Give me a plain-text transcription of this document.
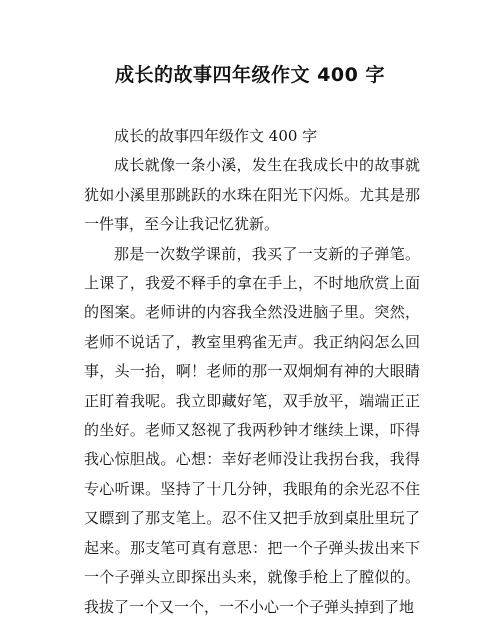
成长的故事四年级作文 400 字

成长的故事四年级作文 400 字

成长就像一条小溪，发生在我成长中的故事就犹如小溪里那跳跃的水珠在阳光下闪烁。尤其是那一件事，至今让我记忆犹新。

那是一次数学课前，我买了一支新的子弹笔。上课了，我爱不释手的拿在手上，不时地欣赏上面的图案。老师讲的内容我全然没进脑子里。突然，老师不说话了，教室里鸦雀无声。我正纳闷怎么回事，头一抬，啊！老师的那一双炯炯有神的大眼睛正盯着我呢。我立即藏好笔，双手放平，端端正正的坐好。老师又怒视了我两秒钟才继续上课，吓得我心惊胆战。心想：幸好老师没让我拐台我，我得专心听课。坚持了十几分钟，我眼角的余光忍不住又瞟到了那支笔上。忍不住又把手放到桌肚里玩了起来。那支笔可真有意思：把一个子弹头拔出来下一个子弹头立即探出头来，就像手枪上了膛似的。我拔了一个又一个，一不小心一个子弹头掉到了地
